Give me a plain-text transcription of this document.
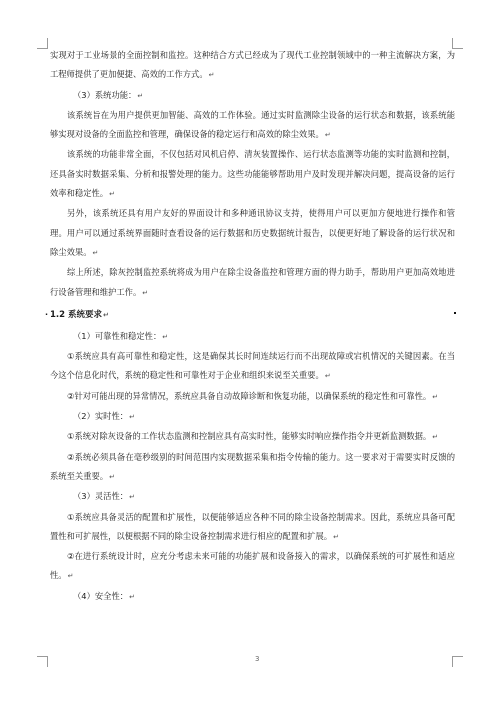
实现对于工业场景的全面控制和监控。这种结合方式已经成为了现代工业控制领域中的一种主流解决方案，为工程师提供了更加便捷、高效的工作方式。↵

（3）系统功能：↵

该系统旨在为用户提供更加智能、高效的工作体验。通过实时监测除尘设备的运行状态和数据，该系统能够实现对设备的全面监控和管理，确保设备的稳定运行和高效的除尘效果。↵

该系统的功能非常全面，不仅包括对风机启停、清灰装置操作、运行状态监测等功能的实时监测和控制，还具备实时数据采集、分析和报警处理的能力。这些功能能够帮助用户及时发现并解决问题，提高设备的运行效率和稳定性。↵

另外，该系统还具有用户友好的界面设计和多种通讯协议支持，使得用户可以更加方便地进行操作和管理。用户可以通过系统界面随时查看设备的运行数据和历史数据统计报告，以便更好地了解设备的运行状况和除尘效果。↵

综上所述，除灰控制监控系统将成为用户在除尘设备监控和管理方面的得力助手，帮助用户更加高效地进行设备管理和维护工作。↵

· 1.2 系统要求↵

（1）可靠性和稳定性：↵

①系统应具有高可靠性和稳定性，这是确保其长时间连续运行而不出现故障或宕机情况的关键因素。在当今这个信息化时代，系统的稳定性和可靠性对于企业和组织来说至关重要。↵

②针对可能出现的异常情况，系统应具备自动故障诊断和恢复功能，以确保系统的稳定性和可靠性。↵

（2）实时性：↵

①系统对除灰设备的工作状态监测和控制应具有高实时性，能够实时响应操作指令并更新监测数据。↵

②系统必须具备在毫秒级别的时间范围内实现数据采集和指令传输的能力。这一要求对于需要实时反馈的系统至关重要。↵

（3）灵活性：↵

①系统应具备灵活的配置和扩展性，以便能够适应各种不同的除尘设备控制需求。因此，系统应具备可配置性和可扩展性，以便根据不同的除尘设备控制需求进行相应的配置和扩展。↵

②在进行系统设计时，应充分考虑未来可能的功能扩展和设备接入的需求，以确保系统的可扩展性和适应性。↵

（4）安全性：↵

3
